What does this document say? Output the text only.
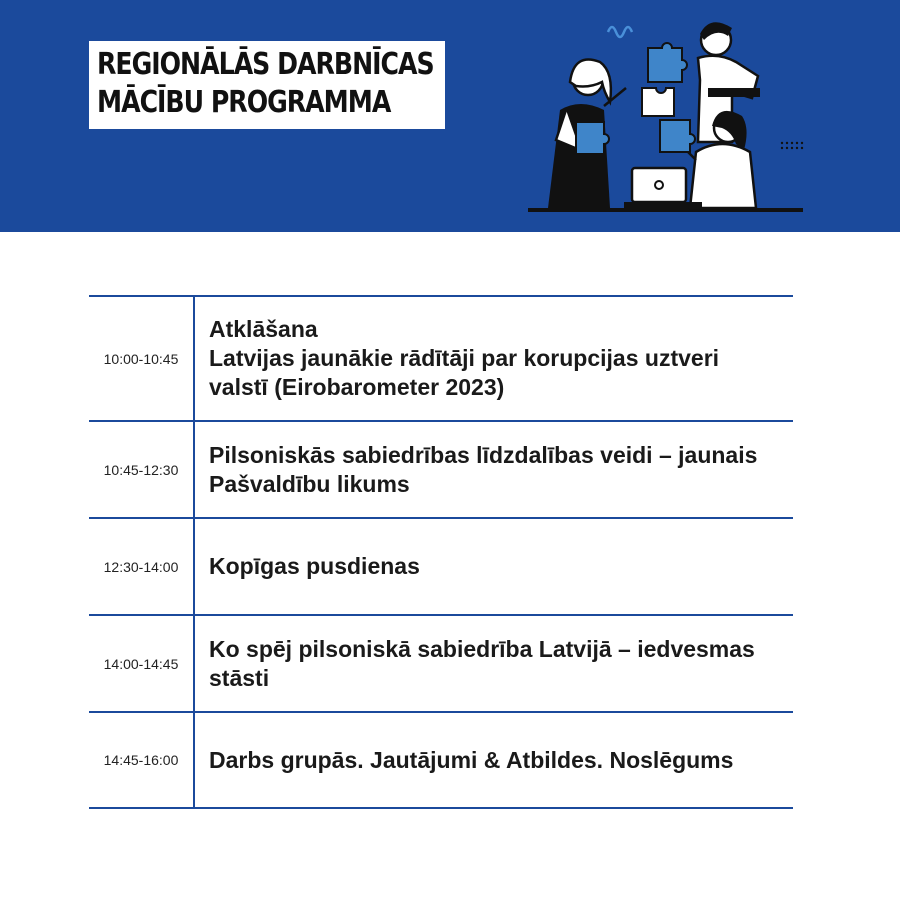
REGIONĀLĀS DARBNĪCAS
MĀCĪBU PROGRAMMA
10:00-10:45
Atklāšana
Latvijas jaunākie rādītāji par korupcijas uztveri
valstī (Eirobarometer 2023)
10:45-12:30
Pilsoniskās sabiedrības līdzdalības veidi – jaunais
Pašvaldību likums
12:30-14:00	Kopīgas pusdienas
14:00-14:45
Ko spēj pilsoniskā sabiedrība Latvijā – iedvesmas
stāsti
14:45-16:00	Darbs grupās. Jautājumi & Atbildes. Noslēgums
